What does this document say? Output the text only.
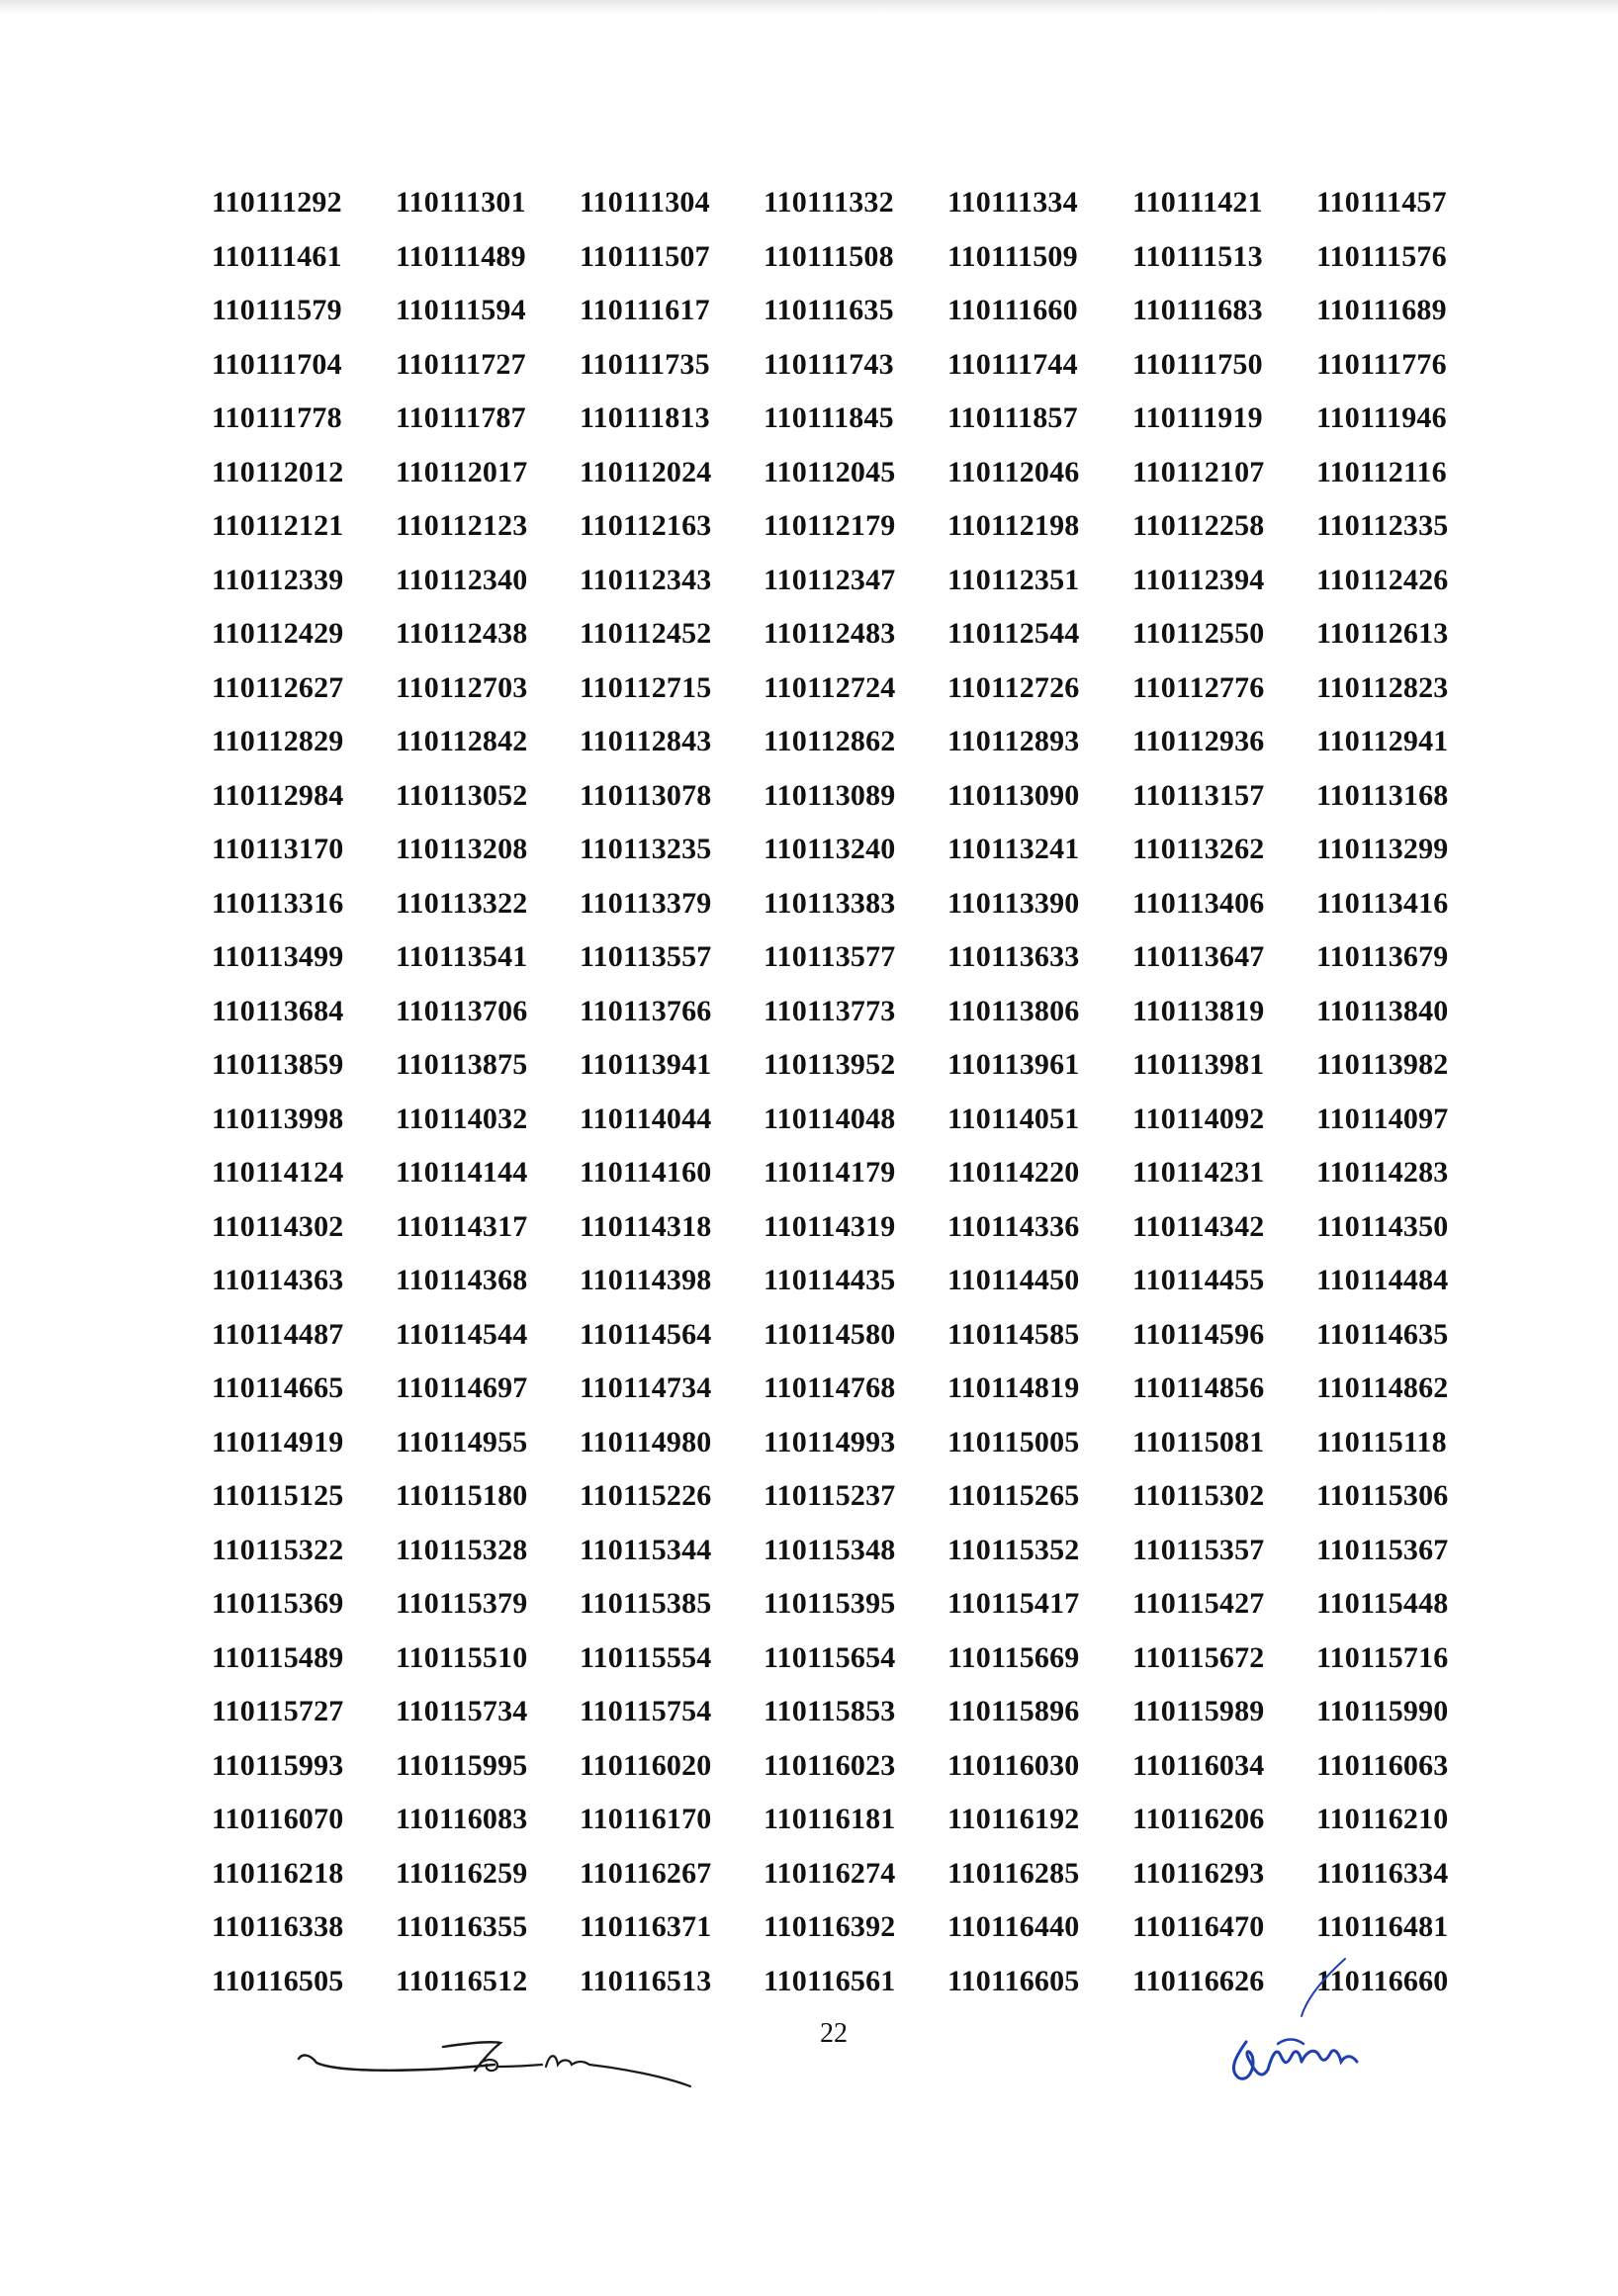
110111292	110111301	110111304	110111332	110111334	110111421	110111457
110111461	110111489	110111507	110111508	110111509	110111513	110111576
110111579	110111594	110111617	110111635	110111660	110111683	110111689
110111704	110111727	110111735	110111743	110111744	110111750	110111776
110111778	110111787	110111813	110111845	110111857	110111919	110111946
110112012	110112017	110112024	110112045	110112046	110112107	110112116
110112121	110112123	110112163	110112179	110112198	110112258	110112335
110112339	110112340	110112343	110112347	110112351	110112394	110112426
110112429	110112438	110112452	110112483	110112544	110112550	110112613
110112627	110112703	110112715	110112724	110112726	110112776	110112823
110112829	110112842	110112843	110112862	110112893	110112936	110112941
110112984	110113052	110113078	110113089	110113090	110113157	110113168
110113170	110113208	110113235	110113240	110113241	110113262	110113299
110113316	110113322	110113379	110113383	110113390	110113406	110113416
110113499	110113541	110113557	110113577	110113633	110113647	110113679
110113684	110113706	110113766	110113773	110113806	110113819	110113840
110113859	110113875	110113941	110113952	110113961	110113981	110113982
110113998	110114032	110114044	110114048	110114051	110114092	110114097
110114124	110114144	110114160	110114179	110114220	110114231	110114283
110114302	110114317	110114318	110114319	110114336	110114342	110114350
110114363	110114368	110114398	110114435	110114450	110114455	110114484
110114487	110114544	110114564	110114580	110114585	110114596	110114635
110114665	110114697	110114734	110114768	110114819	110114856	110114862
110114919	110114955	110114980	110114993	110115005	110115081	110115118
110115125	110115180	110115226	110115237	110115265	110115302	110115306
110115322	110115328	110115344	110115348	110115352	110115357	110115367
110115369	110115379	110115385	110115395	110115417	110115427	110115448
110115489	110115510	110115554	110115654	110115669	110115672	110115716
110115727	110115734	110115754	110115853	110115896	110115989	110115990
110115993	110115995	110116020	110116023	110116030	110116034	110116063
110116070	110116083	110116170	110116181	110116192	110116206	110116210
110116218	110116259	110116267	110116274	110116285	110116293	110116334
110116338	110116355	110116371	110116392	110116440	110116470	110116481
110116505	110116512	110116513	110116561	110116605	110116626	110116660
22
